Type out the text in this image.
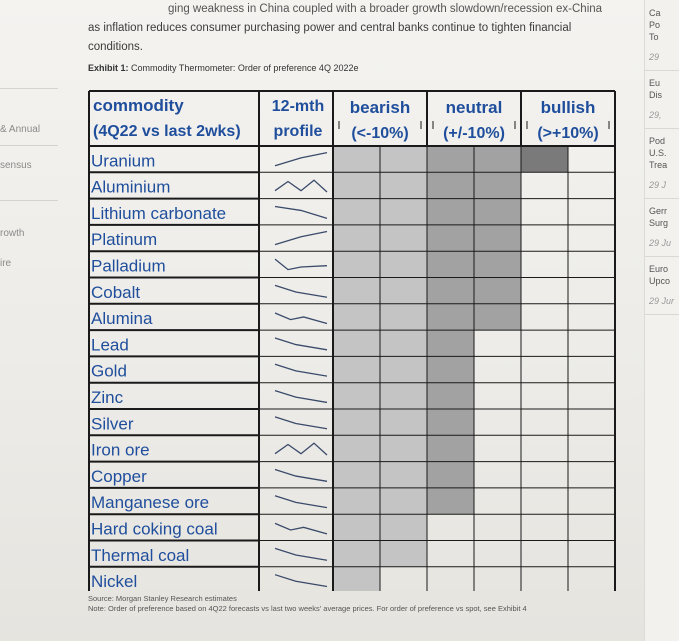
& Annual
sensus
rowth
ire
ging weakness in China coupled with a broader growth slowdown/recession ex-China
as inflation reduces consumer purchasing power and central banks continue to tighten financial
conditions.
Exhibit 1: Commodity Thermometer: Order of preference 4Q 2022e
commodity
(4Q22 vs last 2wks)
12-mth
profile
bearish
(<-10%)
neutral
(+/-10%)
bullish
(>+10%)
Uranium
Aluminium
Lithium carbonate
Platinum
Palladium
Cobalt
Alumina
Lead
Gold
Zinc
Silver
Iron ore
Copper
Manganese ore
Hard coking coal
Thermal coal
Nickel
Source: Morgan Stanley Research estimates
Note: Order of preference based on 4Q22 forecasts vs last two weeks' average prices. For order of preference vs spot, see Exhibit 4
Ca
Po
To
29
Eu
Dis
29,
Pod
U.S.
Trea
29 J
Gerr
Surg
29 Ju
Euro
Upco
29 Jur
